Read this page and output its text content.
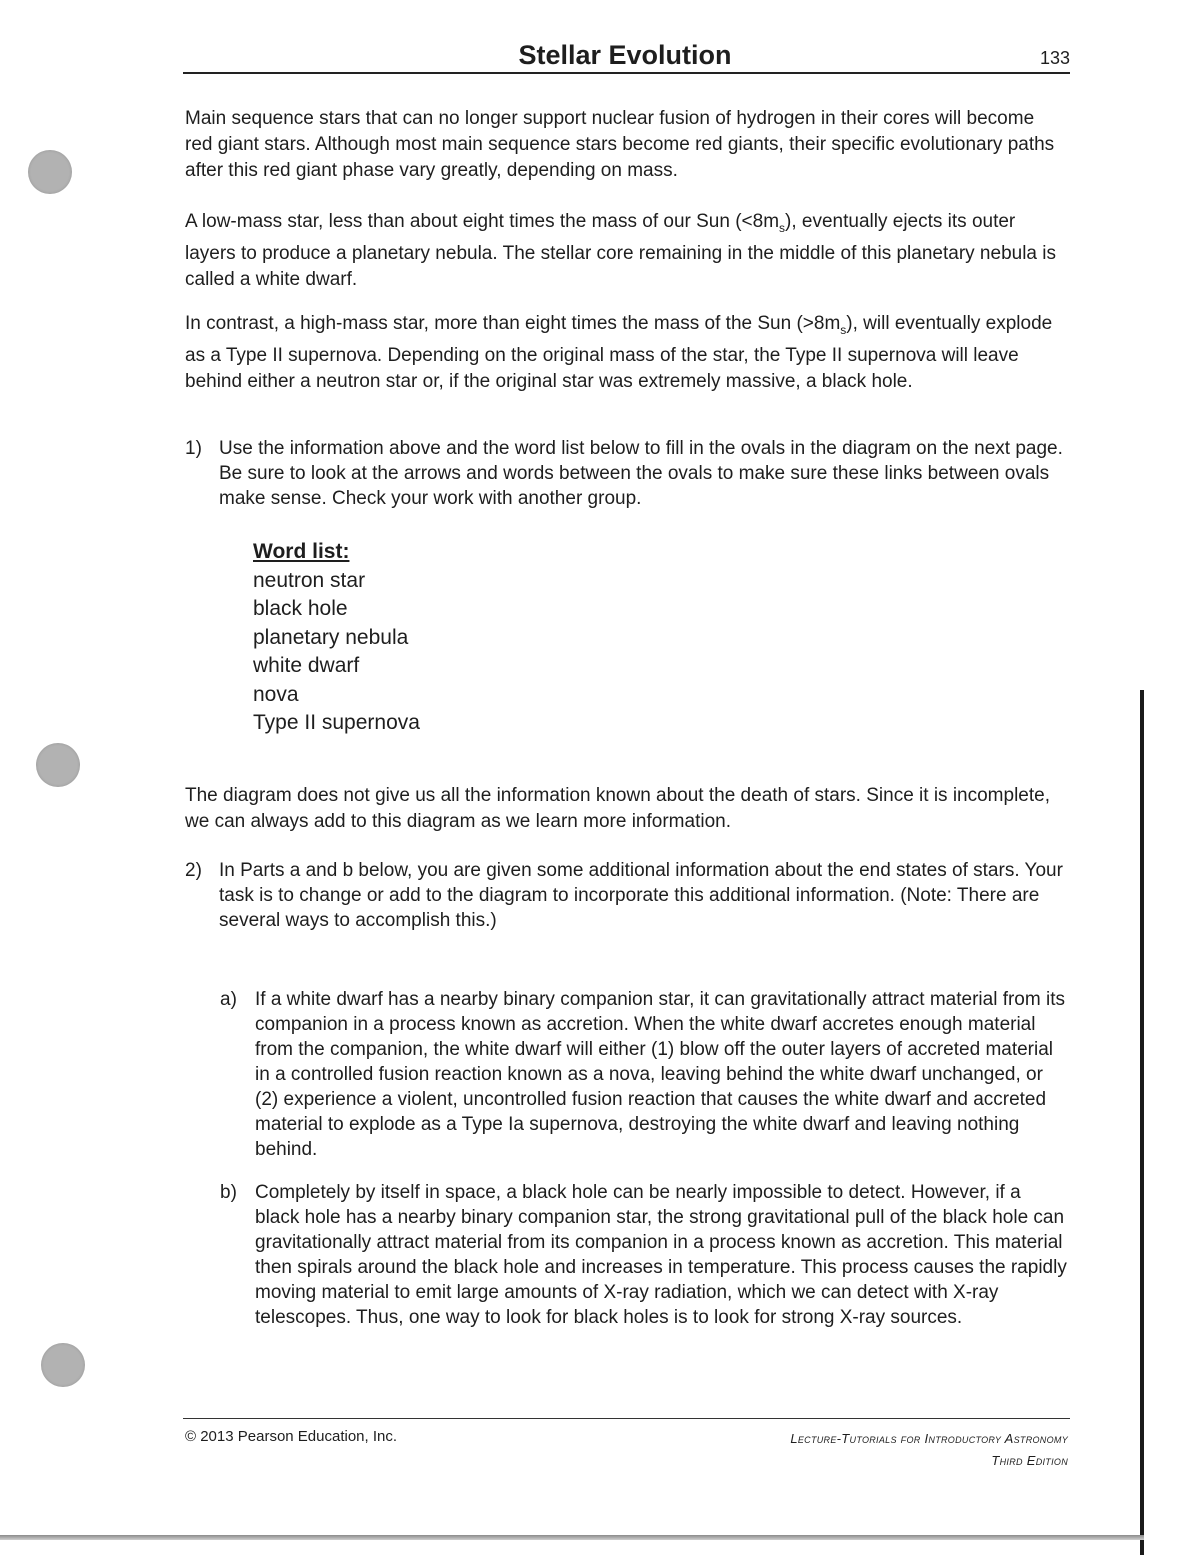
Stellar Evolution	133

Main sequence stars that can no longer support nuclear fusion of hydrogen in their cores will become red giant stars. Although most main sequence stars become red giants, their specific evolutionary paths after this red giant phase vary greatly, depending on mass.

A low-mass star, less than about eight times the mass of our Sun $(<8m_s)$, eventually ejects its outer layers to produce a planetary nebula. The stellar core remaining in the middle of this planetary nebula is called a white dwarf.

In contrast, a high-mass star, more than eight times the mass of the Sun $(>8m_s)$, will eventually explode as a Type II supernova. Depending on the original mass of the star, the Type II supernova will leave behind either a neutron star or, if the original star was extremely massive, a black hole.

1) Use the information above and the word list below to fill in the ovals in the diagram on the next page. Be sure to look at the arrows and words between the ovals to make sure these links between ovals make sense. Check your work with another group.

Word list:

neutron star

black hole

planetary nebula

white dwarf

nova

Type II supernova

The diagram does not give us all the information known about the death of stars. Since it is incomplete, we can always add to this diagram as we learn more information.

2) In Parts a and b below, you are given some additional information about the end states of stars. Your task is to change or add to the diagram to incorporate this additional information. (Note: There are several ways to accomplish this.)

a) If a white dwarf has a nearby binary companion star, it can gravitationally attract material from its companion in a process known as accretion. When the white dwarf accretes enough material from the companion, the white dwarf will either (1) blow off the outer layers of accreted material in a controlled fusion reaction known as a nova, leaving behind the white dwarf unchanged, or (2) experience a violent, uncontrolled fusion reaction that causes the white dwarf and accreted material to explode as a Type Ia supernova, destroying the white dwarf and leaving nothing behind.

b) Completely by itself in space, a black hole can be nearly impossible to detect. However, if a black hole has a nearby binary companion star, the strong gravitational pull of the black hole can gravitationally attract material from its companion in a process known as accretion. This material then spirals around the black hole and increases in temperature. This process causes the rapidly moving material to emit large amounts of X-ray radiation, which we can detect with X-ray telescopes. Thus, one way to look for black holes is to look for strong X-ray sources.

© 2013 Pearson Education, Inc.	Lecture-Tutorials for Introductory Astronomy
Third Edition
